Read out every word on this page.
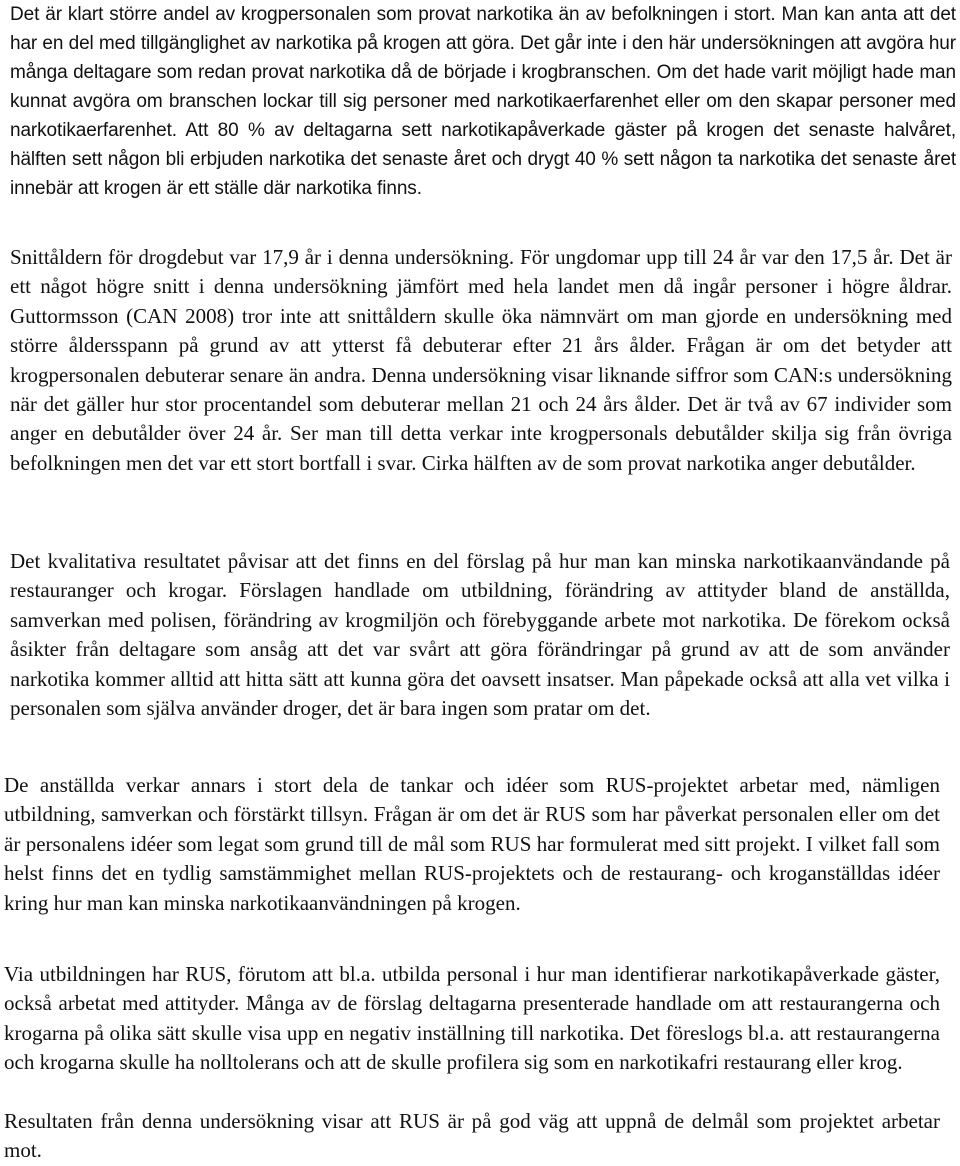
Det är klart större andel av krogpersonalen som provat narkotika än av befolkningen i stort. Man kan anta att det har en del med tillgänglighet av narkotika på krogen att göra. Det går inte i den här undersökningen att avgöra hur många deltagare som redan provat narkotika då de började i krogbranschen. Om det hade varit möjligt hade man kunnat avgöra om branschen lockar till sig personer med narkotikaerfarenhet eller om den skapar personer med narkotikaerfarenhet. Att 80 % av deltagarna sett narkotikapåverkade gäster på krogen det senaste halvåret, hälften sett någon bli erbjuden narkotika det senaste året och drygt 40 % sett någon ta narkotika det senaste året innebär att krogen är ett ställe där narkotika finns.

Snittåldern för drogdebut var 17,9 år i denna undersökning. För ungdomar upp till 24 år var den 17,5 år. Det är ett något högre snitt i denna undersökning jämfört med hela landet men då ingår personer i högre åldrar. Guttormsson (CAN 2008) tror inte att snittåldern skulle öka nämnvärt om man gjorde en undersökning med större åldersspann på grund av att ytterst få debuterar efter 21 års ålder. Frågan är om det betyder att krogpersonalen debuterar senare än andra. Denna undersökning visar liknande siffror som CAN:s undersökning när det gäller hur stor procentandel som debuterar mellan 21 och 24 års ålder. Det är två av 67 individer som anger en debutålder över 24 år. Ser man till detta verkar inte krogpersonals debutålder skilja sig från övriga befolkningen men det var ett stort bortfall i svar. Cirka hälften av de som provat narkotika anger debutålder.

Det kvalitativa resultatet påvisar att det finns en del förslag på hur man kan minska narkotikaanvändande på restauranger och krogar. Förslagen handlade om utbildning, förändring av attityder bland de anställda, samverkan med polisen, förändring av krogmiljön och förebyggande arbete mot narkotika. De förekom också åsikter från deltagare som ansåg att det var svårt att göra förändringar på grund av att de som använder narkotika kommer alltid att hitta sätt att kunna göra det oavsett insatser. Man påpekade också att alla vet vilka i personalen som själva använder droger, det är bara ingen som pratar om det.

De anställda verkar annars i stort dela de tankar och idéer som RUS-projektet arbetar med, nämligen utbildning, samverkan och förstärkt tillsyn. Frågan är om det är RUS som har påverkat personalen eller om det är personalens idéer som legat som grund till de mål som RUS har formulerat med sitt projekt. I vilket fall som helst finns det en tydlig samstämmighet mellan RUS-projektets och de restaurang- och kroganställdas idéer kring hur man kan minska narkotikaanvändningen på krogen.

Via utbildningen har RUS, förutom att bl.a. utbilda personal i hur man identifierar narkotikapåverkade gäster, också arbetat med attityder. Många av de förslag deltagarna presenterade handlade om att restaurangerna och krogarna på olika sätt skulle visa upp en negativ inställning till narkotika. Det föreslogs bl.a. att restaurangerna och krogarna skulle ha nolltolerans och att de skulle profilera sig som en narkotikafri restaurang eller krog.

Resultaten från denna undersökning visar att RUS är på god väg att uppnå de delmål som projektet arbetar mot.
